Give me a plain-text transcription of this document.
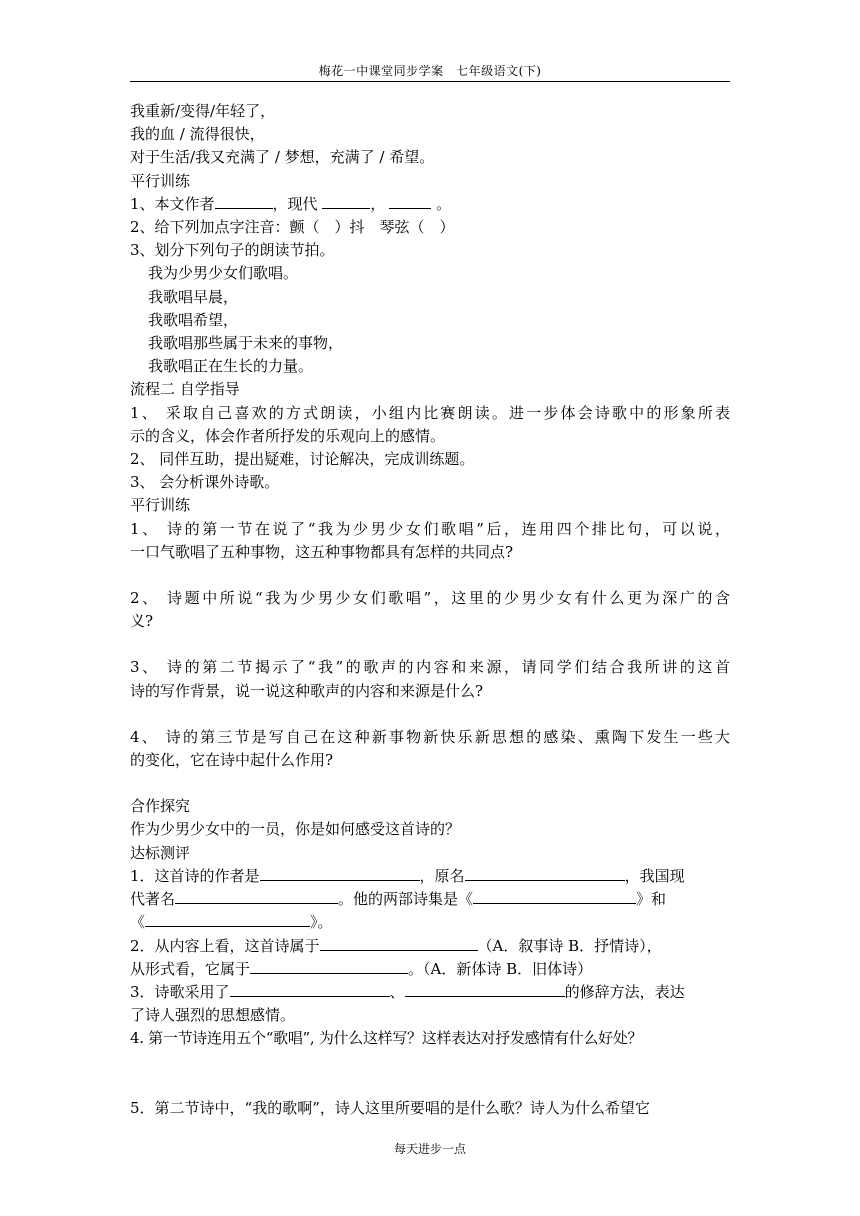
梅花一中课堂同步学案　七年级语文(下)
我重新/变得/年轻了，
我的血 / 流得很快，
对于生活/我又充满了 / 梦想，充满了 / 希望。
平行训练
1、本文作者	，现代	，	。
2、给下列加点字注音：颤（　）抖　琴弦（　）
3、划分下列句子的朗读节拍。
我为少男少女们歌唱。
我歌唱早晨，
我歌唱希望，
我歌唱那些属于未来的事物，
我歌唱正在生长的力量。
流程二 自学指导
1、 采取自己喜欢的方式朗读，小组内比赛朗读。进一步体会诗歌中的形象所表
示的含义，体会作者所抒发的乐观向上的感情。
2、 同伴互助，提出疑难，讨论解决，完成训练题。
3、 会分析课外诗歌。
平行训练
1、 诗的第一节在说了“我为少男少女们歌唱”后，连用四个排比句，可以说，
一口气歌唱了五种事物，这五种事物都具有怎样的共同点?
2、 诗题中所说“我为少男少女们歌唱”，这里的少男少女有什么更为深广的含
义?
3、 诗的第二节揭示了“我”的歌声的内容和来源，请同学们结合我所讲的这首
诗的写作背景，说一说这种歌声的内容和来源是什么?
4、 诗的第三节是写自己在这种新事物新快乐新思想的感染、熏陶下发生一些大
的变化，它在诗中起什么作用?
合作探究
作为少男少女中的一员，你是如何感受这首诗的？
达标测评
1．这首诗的作者是	，原名	，我国现
代著名	。他的两部诗集是《	》和
《	》。
2．从内容上看，这首诗属于	（A．叙事诗 B．抒情诗），
从形式看，它属于	。（A．新体诗 B．旧体诗）
3．诗歌采用了	、	的修辞方法，表达
了诗人强烈的思想感情。
4. 第一节诗连用五个“歌唱”, 为什么这样写？这样表达对抒发感情有什么好处？
5．第二节诗中，“我的歌啊”，诗人这里所要唱的是什么歌？诗人为什么希望它
每天进步一点
